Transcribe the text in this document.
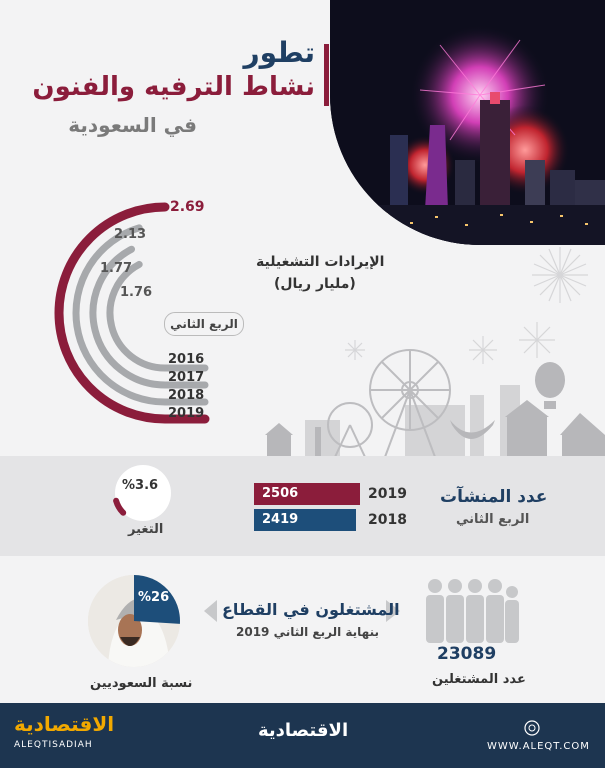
تطور
نشاط الترفيه والفنون
في السعودية
2.69
2.13
1.77
1.76
2016
2017
2018
2019
الربع الثاني
الإيرادات التشغيلية
(مليار ريال)
%3.6
التغير
2506
2419
2019
2018
عدد المنشآت
الربع الثاني
%26
نسبة السعوديين
المشتغلون في القطاع
بنهاية الربع الثاني 2019
23089
عدد المشتغلين
الاقتصادية
ALEQTISADIAH
الاقتصادية
WWW.ALEQT.COM
